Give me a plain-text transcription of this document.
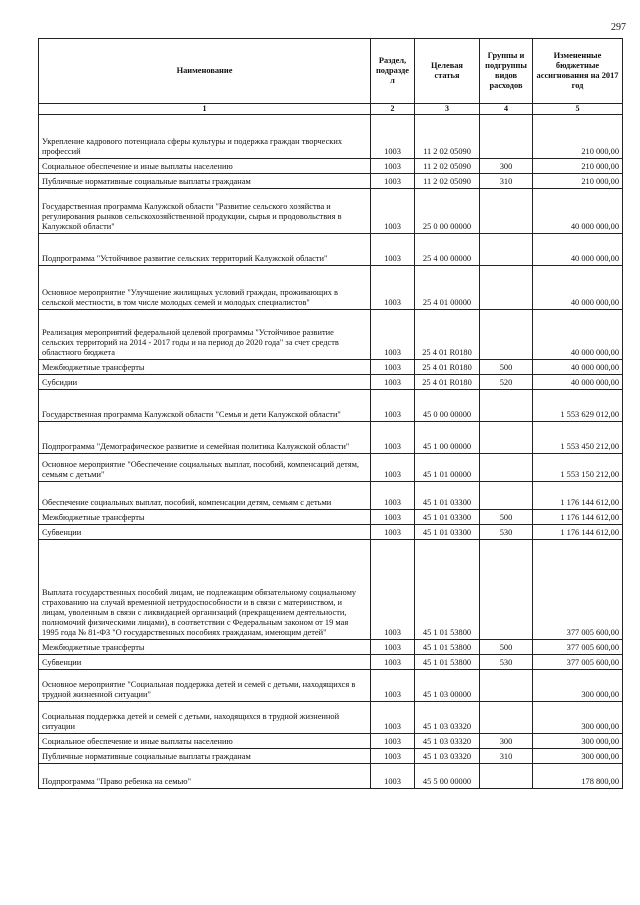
297
Наименование	Раздел, подразде л	Целевая статья	Группы и подгруппы видов расходов	Измененные бюджетные ассигнования на 2017 год
1	2	3	4	5
Укрепление кадрового потенциала сферы культуры и подержка граждан творческих профессий	1003	11 2 02 05090		210 000,00
Социальное обеспечение и иные выплаты населению	1003	11 2 02 05090	300	210 000,00
Публичные нормативные социальные выплаты гражданам	1003	11 2 02 05090	310	210 000,00
Государственная программа Калужской области "Развитие сельского хозяйства и регулирования рынков сельскохозяйственной продукции, сырья и продовольствия в Калужской области"	1003	25 0 00 00000		40 000 000,00
Подпрограмма "Устойчивое развитие сельских территорий Калужской области"	1003	25 4 00 00000		40 000 000,00
Основное мероприятие "Улучшение жилищных условий граждан, проживающих в сельской местности, в том числе молодых семей и молодых специалистов"	1003	25 4 01 00000		40 000 000,00
Реализация мероприятий федеральной целевой программы "Устойчивое развитие сельских территорий на 2014 - 2017 годы и на период до 2020 года" за счет средств областного бюджета	1003	25 4 01 R0180		40 000 000,00
Межбюджетные трансферты	1003	25 4 01 R0180	500	40 000 000,00
Субсидии	1003	25 4 01 R0180	520	40 000 000,00
Государственная программа Калужской области "Семья и дети Калужской области"	1003	45 0 00 00000		1 553 629 012,00
Подпрограмма "Демографическое развитие и семейная политика Калужской области"	1003	45 1 00 00000		1 553 450 212,00
Основное мероприятие "Обеспечение социальных выплат, пособий, компенсаций детям, семьям с детьми"	1003	45 1 01 00000		1 553 150 212,00
Обеспечение социальных выплат, пособий, компенсации детям, семьям с детьми	1003	45 1 01 03300		1 176 144 612,00
Межбюджетные трансферты	1003	45 1 01 03300	500	1 176 144 612,00
Субвенции	1003	45 1 01 03300	530	1 176 144 612,00
Выплата государственных пособий лицам, не подлежащим обязательному социальному страхованию на случай временной нетрудоспособности и в связи с материнством, и лицам, уволенным в связи с ликвидацией организаций (прекращением деятельности, полномочий физическими лицами), в соответствии с Федеральным законом от 19 мая 1995 года № 81-ФЗ "О государственных пособиях гражданам, имеющим детей"	1003	45 1 01 53800		377 005 600,00
Межбюджетные трансферты	1003	45 1 01 53800	500	377 005 600,00
Субвенции	1003	45 1 01 53800	530	377 005 600,00
Основное мероприятие "Социальная поддержка детей и семей с детьми, находящихся в трудной жизненной ситуации"	1003	45 1 03 00000		300 000,00
Социальная поддержка детей и семей с детьми, находящихся в трудной жизненной ситуации	1003	45 1 03 03320		300 000,00
Социальное обеспечение и иные выплаты населению	1003	45 1 03 03320	300	300 000,00
Публичные нормативные социальные выплаты гражданам	1003	45 1 03 03320	310	300 000,00
Подпрограмма "Право ребенка на семью"	1003	45 5 00 00000		178 800,00
